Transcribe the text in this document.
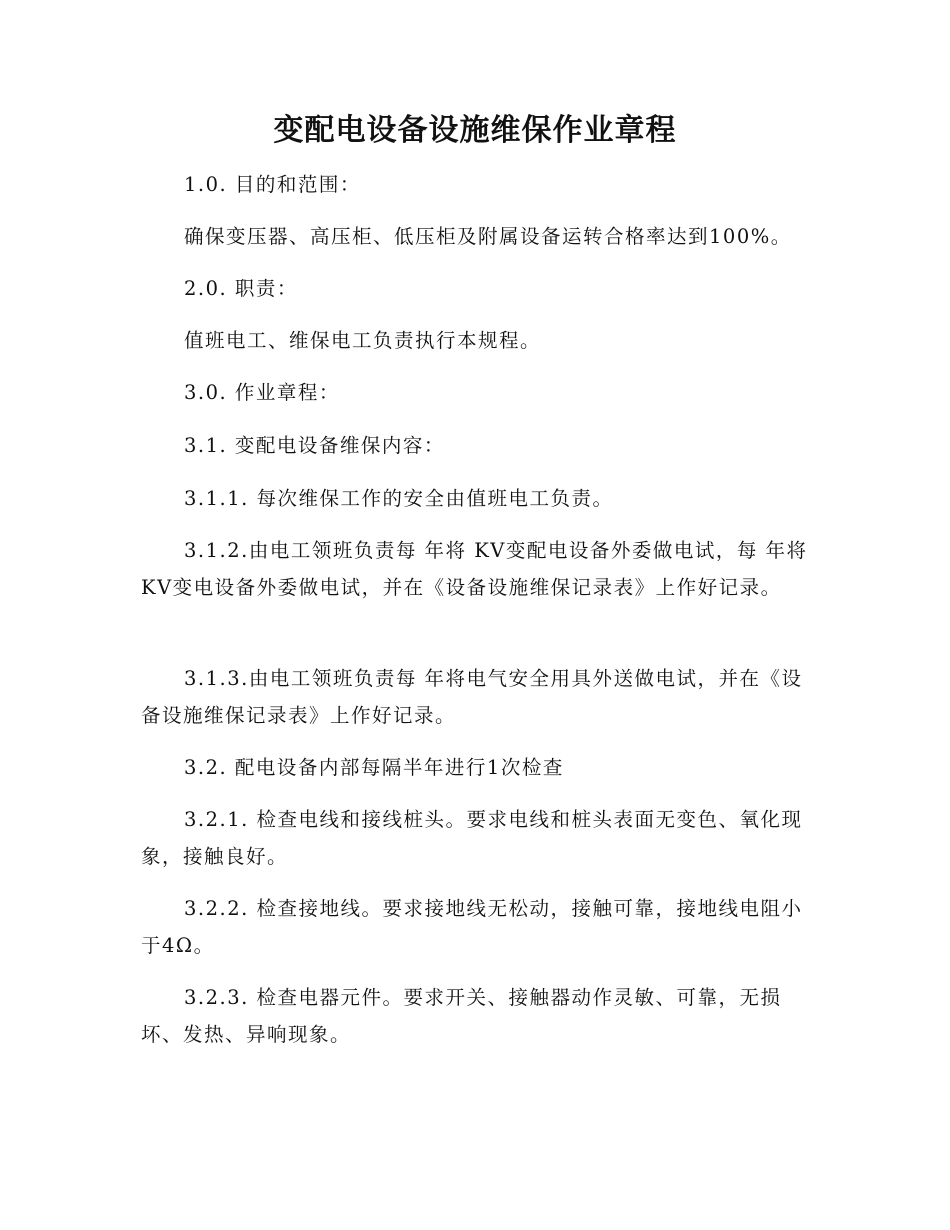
变配电设备设施维保作业章程

1.0. 目的和范围：

确保变压器、高压柜、低压柜及附属设备运转合格率达到100%。

2.0. 职责：

值班电工、维保电工负责执行本规程。

3.0. 作业章程：

3.1. 变配电设备维保内容：

3.1.1. 每次维保工作的安全由值班电工负责。

3.1.2.由电工领班负责每 年将 KV变配电设备外委做电试，每 年将 KV变电设备外委做电试，并在《设备设施维保记录表》上作好记录。

3.1.3.由电工领班负责每 年将电气安全用具外送做电试，并在《设备设施维保记录表》上作好记录。

3.2. 配电设备内部每隔半年进行1次检查

3.2.1. 检查电线和接线桩头。要求电线和桩头表面无变色、氧化现象，接触良好。

3.2.2. 检查接地线。要求接地线无松动，接触可靠，接地线电阻小于4Ω。

3.2.3. 检查电器元件。要求开关、接触器动作灵敏、可靠，无损坏、发热、异响现象。
